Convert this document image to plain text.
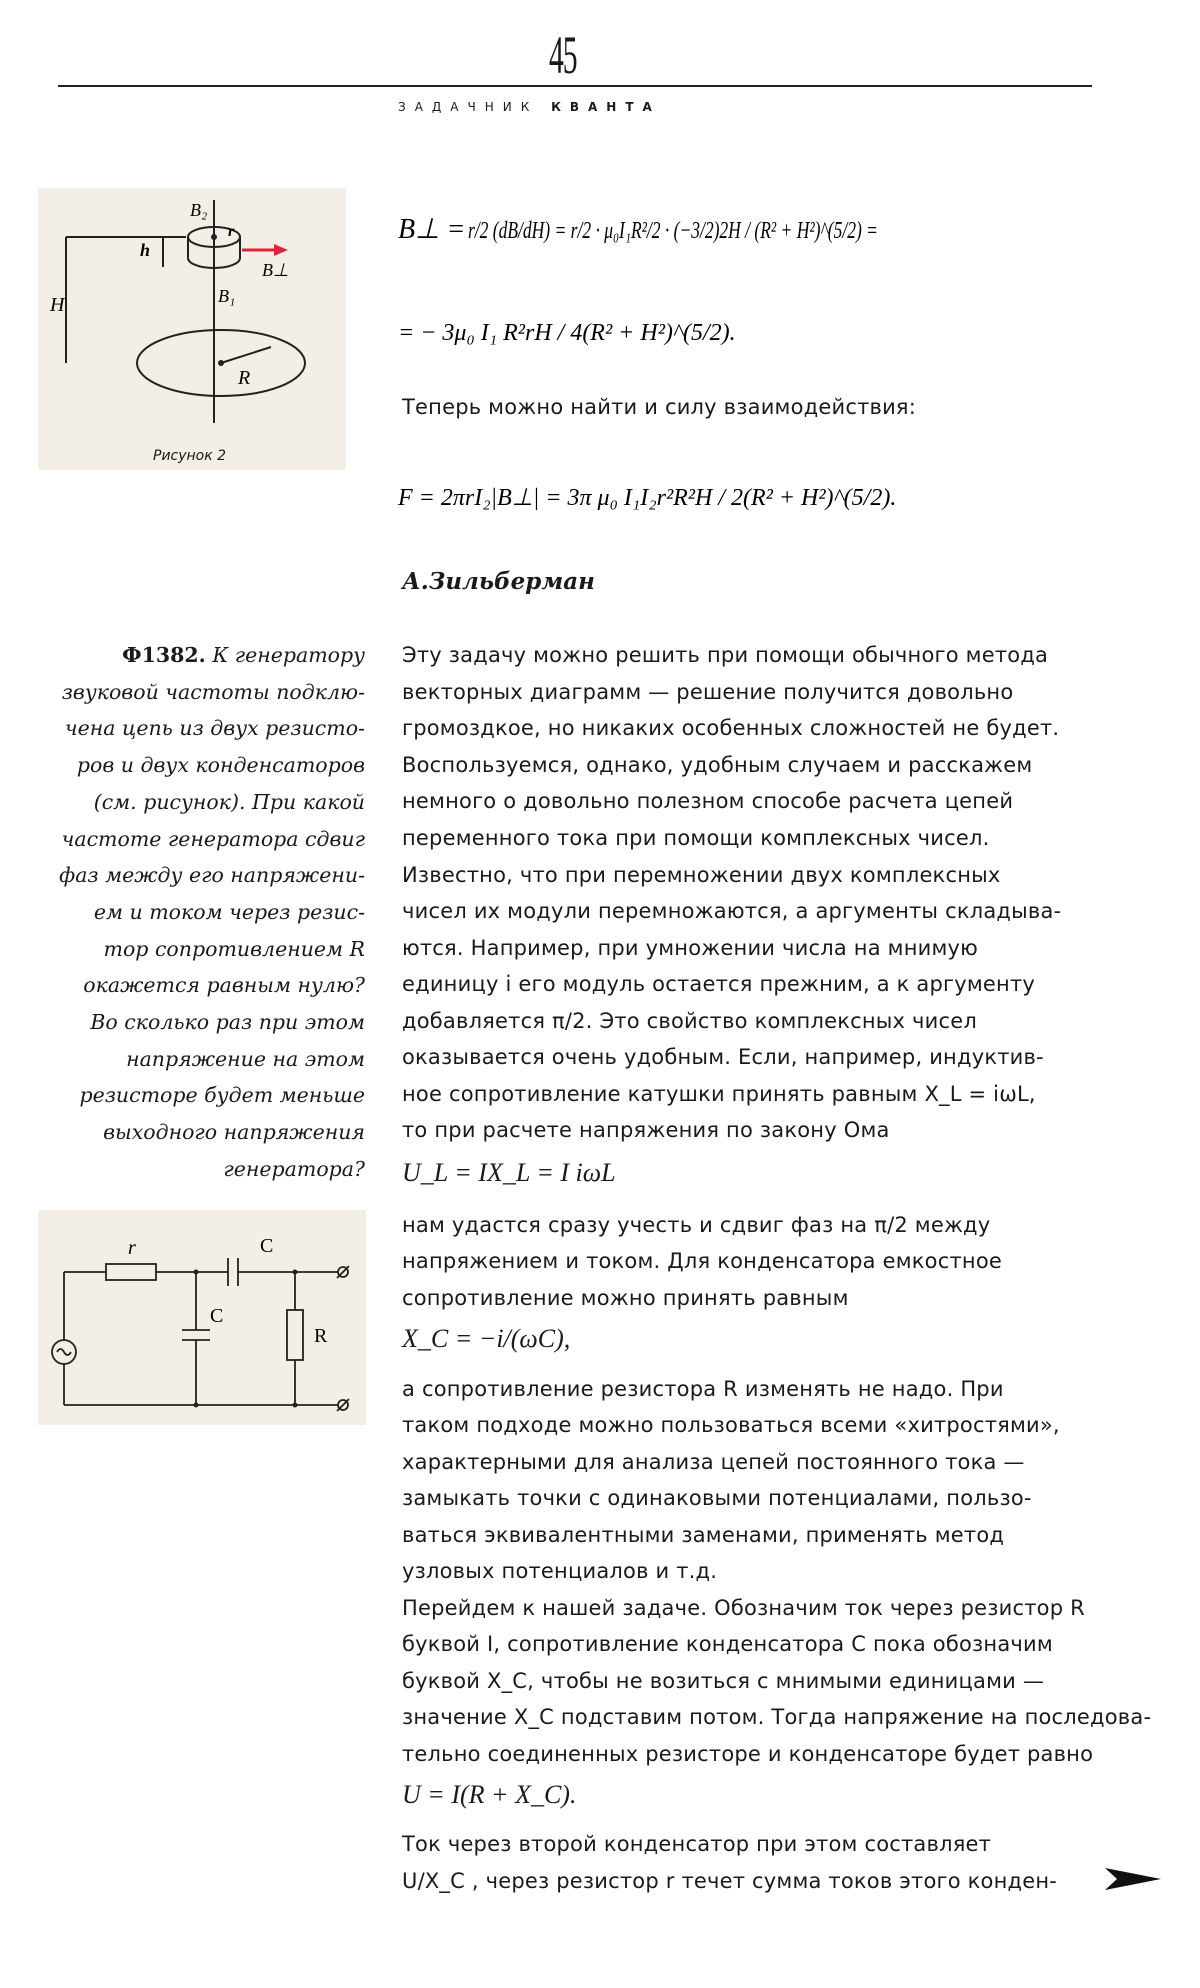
45
ЗАДАЧНИК КВАНТА
B₂
h
r
B⊥
B₁
H
R
Рисунок 2
B⊥ = r/2 (dB/dH) = r/2 · μ₀I₁R²/2 · (−3/2)2H / (R² + H²)^(5/2) =
= − 3μ₀ I₁ R²rH / 4(R² + H²)^(5/2).
Теперь можно найти и силу взаимодействия:
F = 2πrI₂|B⊥| = 3π μ₀ I₁I₂r²R²H / 2(R² + H²)^(5/2).
А.Зильберман
Ф1382. К генератору
звуковой частоты подклю-
чена цепь из двух резисто-
ров и двух конденсаторов
(см. рисунок). При какой
частоте генератора сдвиг
фаз между его напряжени-
ем и током через резис-
тор сопротивлением R
окажется равным нулю?
Во сколько раз при этом
напряжение на этом
резисторе будет меньше
выходного напряжения
генератора?
r	C
C
R
Эту задачу можно решить при помощи обычного метода
векторных диаграмм — решение получится довольно
громоздкое, но никаких особенных сложностей не будет.
Воспользуемся, однако, удобным случаем и расскажем
немного о довольно полезном способе расчета цепей
переменного тока при помощи комплексных чисел.
Известно, что при перемножении двух комплексных
чисел их модули перемножаются, а аргументы складыва-
ются. Например, при умножении числа на мнимую
единицу i его модуль остается прежним, а к аргументу
добавляется π/2. Это свойство комплексных чисел
оказывается очень удобным. Если, например, индуктив-
ное сопротивление катушки принять равным X_L = iωL,
то при расчете напряжения по закону Ома
U_L = IX_L = I iωL
нам удастся сразу учесть и сдвиг фаз на π/2 между
напряжением и током. Для конденсатора емкостное
сопротивление можно принять равным
X_C = −i/(ωC),
а сопротивление резистора R изменять не надо. При
таком подходе можно пользоваться всеми «хитростями»,
характерными для анализа цепей постоянного тока —
замыкать точки с одинаковыми потенциалами, пользо-
ваться эквивалентными заменами, применять метод
узловых потенциалов и т.д.
Перейдем к нашей задаче. Обозначим ток через резистор R
буквой I, сопротивление конденсатора C пока обозначим
буквой X_C, чтобы не возиться с мнимыми единицами —
значение X_C подставим потом. Тогда напряжение на последова-
тельно соединенных резисторе и конденсаторе будет равно
U = I(R + X_C).
Ток через второй конденсатор при этом составляет
U/X_C , через резистор r течет сумма токов этого конден-
